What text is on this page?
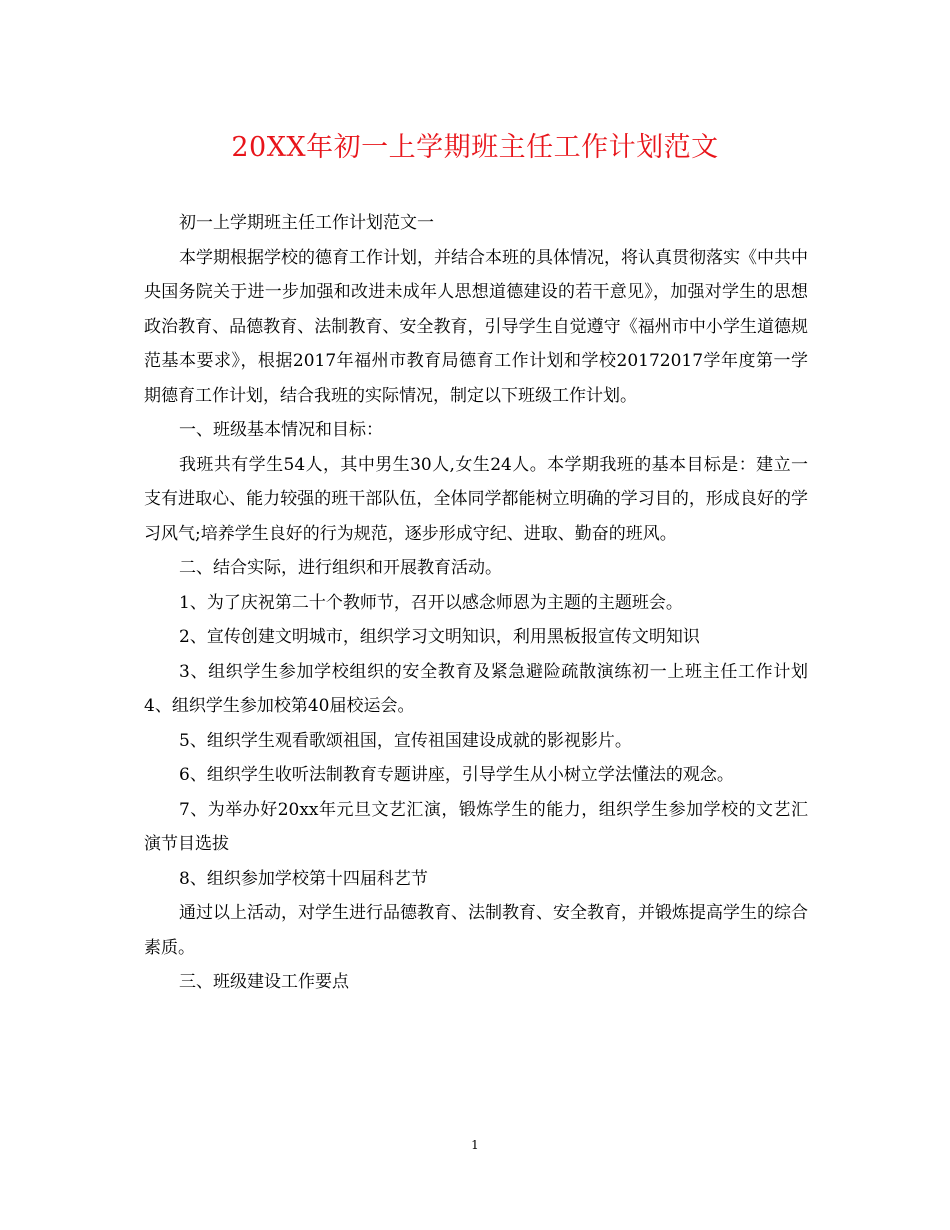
20XX年初一上学期班主任工作计划范文

初一上学期班主任工作计划范文一

本学期根据学校的德育工作计划，并结合本班的具体情况，将认真贯彻落实《中共中央国务院关于进一步加强和改进未成年人思想道德建设的若干意见》，加强对学生的思想政治教育、品德教育、法制教育、安全教育，引导学生自觉遵守《福州市中小学生道德规范基本要求》，根据2017年福州市教育局德育工作计划和学校20172017学年度第一学期德育工作计划，结合我班的实际情况，制定以下班级工作计划。

一、班级基本情况和目标：

我班共有学生54人，其中男生30人,女生24人。本学期我班的基本目标是：建立一支有进取心、能力较强的班干部队伍，全体同学都能树立明确的学习目的，形成良好的学习风气;培养学生良好的行为规范，逐步形成守纪、进取、勤奋的班风。

二、结合实际，进行组织和开展教育活动。

1、为了庆祝第二十个教师节，召开以感念师恩为主题的主题班会。

2、宣传创建文明城市，组织学习文明知识，利用黑板报宣传文明知识

3、组织学生参加学校组织的安全教育及紧急避险疏散演练初一上班主任工作计划4、组织学生参加校第40届校运会。

5、组织学生观看歌颂祖国，宣传祖国建设成就的影视影片。

6、组织学生收听法制教育专题讲座，引导学生从小树立学法懂法的观念。

7、为举办好20xx年元旦文艺汇演，锻炼学生的能力，组织学生参加学校的文艺汇演节目选拔

8、组织参加学校第十四届科艺节

通过以上活动，对学生进行品德教育、法制教育、安全教育，并锻炼提高学生的综合素质。

三、班级建设工作要点

1
